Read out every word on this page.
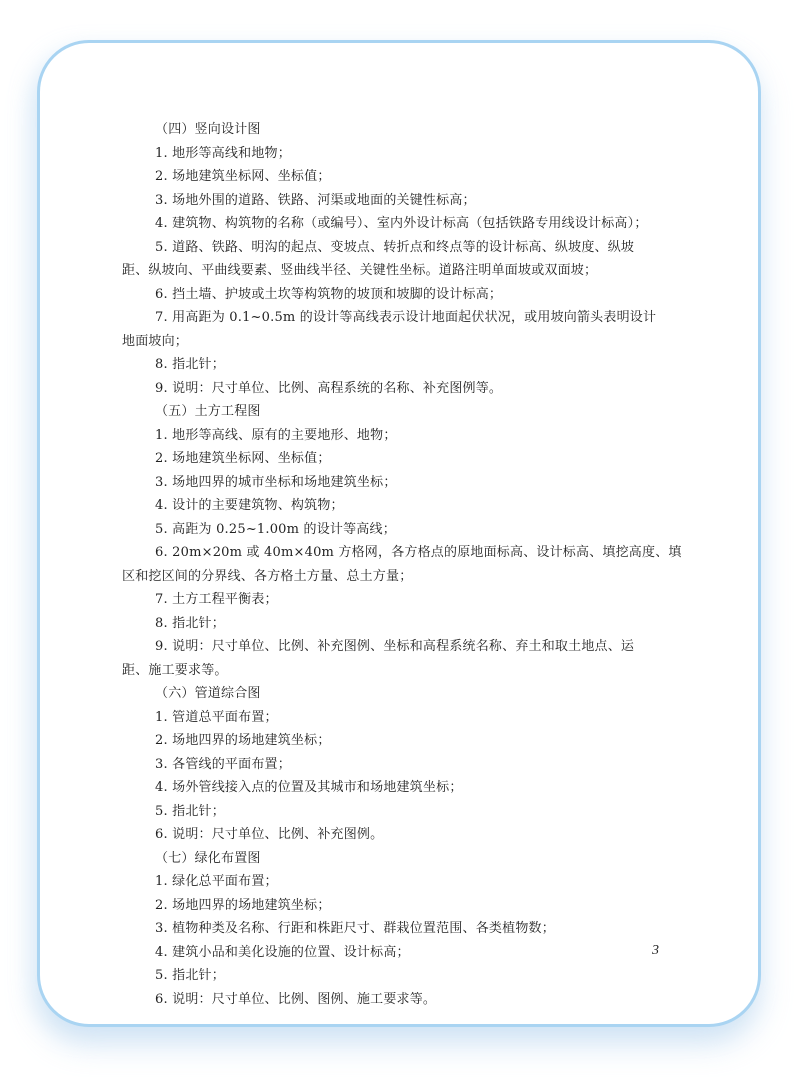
（四）竖向设计图
1. 地形等高线和地物；
2. 场地建筑坐标网、坐标值；
3. 场地外围的道路、铁路、河渠或地面的关键性标高；
4. 建筑物、构筑物的名称（或编号）、室内外设计标高（包括铁路专用线设计标高）；
5. 道路、铁路、明沟的起点、变坡点、转折点和终点等的设计标高、纵坡度、纵坡
距、纵坡向、平曲线要素、竖曲线半径、关键性坐标。道路注明单面坡或双面坡；
6. 挡土墙、护坡或土坎等构筑物的坡顶和坡脚的设计标高；
7. 用高距为 0.1~0.5m 的设计等高线表示设计地面起伏状况，或用坡向箭头表明设计
地面坡向；
8. 指北针；
9. 说明：尺寸单位、比例、高程系统的名称、补充图例等。
（五）土方工程图
1. 地形等高线、原有的主要地形、地物；
2. 场地建筑坐标网、坐标值；
3. 场地四界的城市坐标和场地建筑坐标；
4. 设计的主要建筑物、构筑物；
5. 高距为 0.25~1.00m 的设计等高线；
6. 20m×20m 或 40m×40m 方格网，各方格点的原地面标高、设计标高、填挖高度、填
区和挖区间的分界线、各方格土方量、总土方量；
7. 土方工程平衡表；
8. 指北针；
9. 说明：尺寸单位、比例、补充图例、坐标和高程系统名称、弃土和取土地点、运
距、施工要求等。
（六）管道综合图
1. 管道总平面布置；
2. 场地四界的场地建筑坐标；
3. 各管线的平面布置；
4. 场外管线接入点的位置及其城市和场地建筑坐标；
5. 指北针；
6. 说明：尺寸单位、比例、补充图例。
（七）绿化布置图
1. 绿化总平面布置；
2. 场地四界的场地建筑坐标；
3. 植物种类及名称、行距和株距尺寸、群栽位置范围、各类植物数；
4. 建筑小品和美化设施的位置、设计标高；
5. 指北针；
6. 说明：尺寸单位、比例、图例、施工要求等。
3
